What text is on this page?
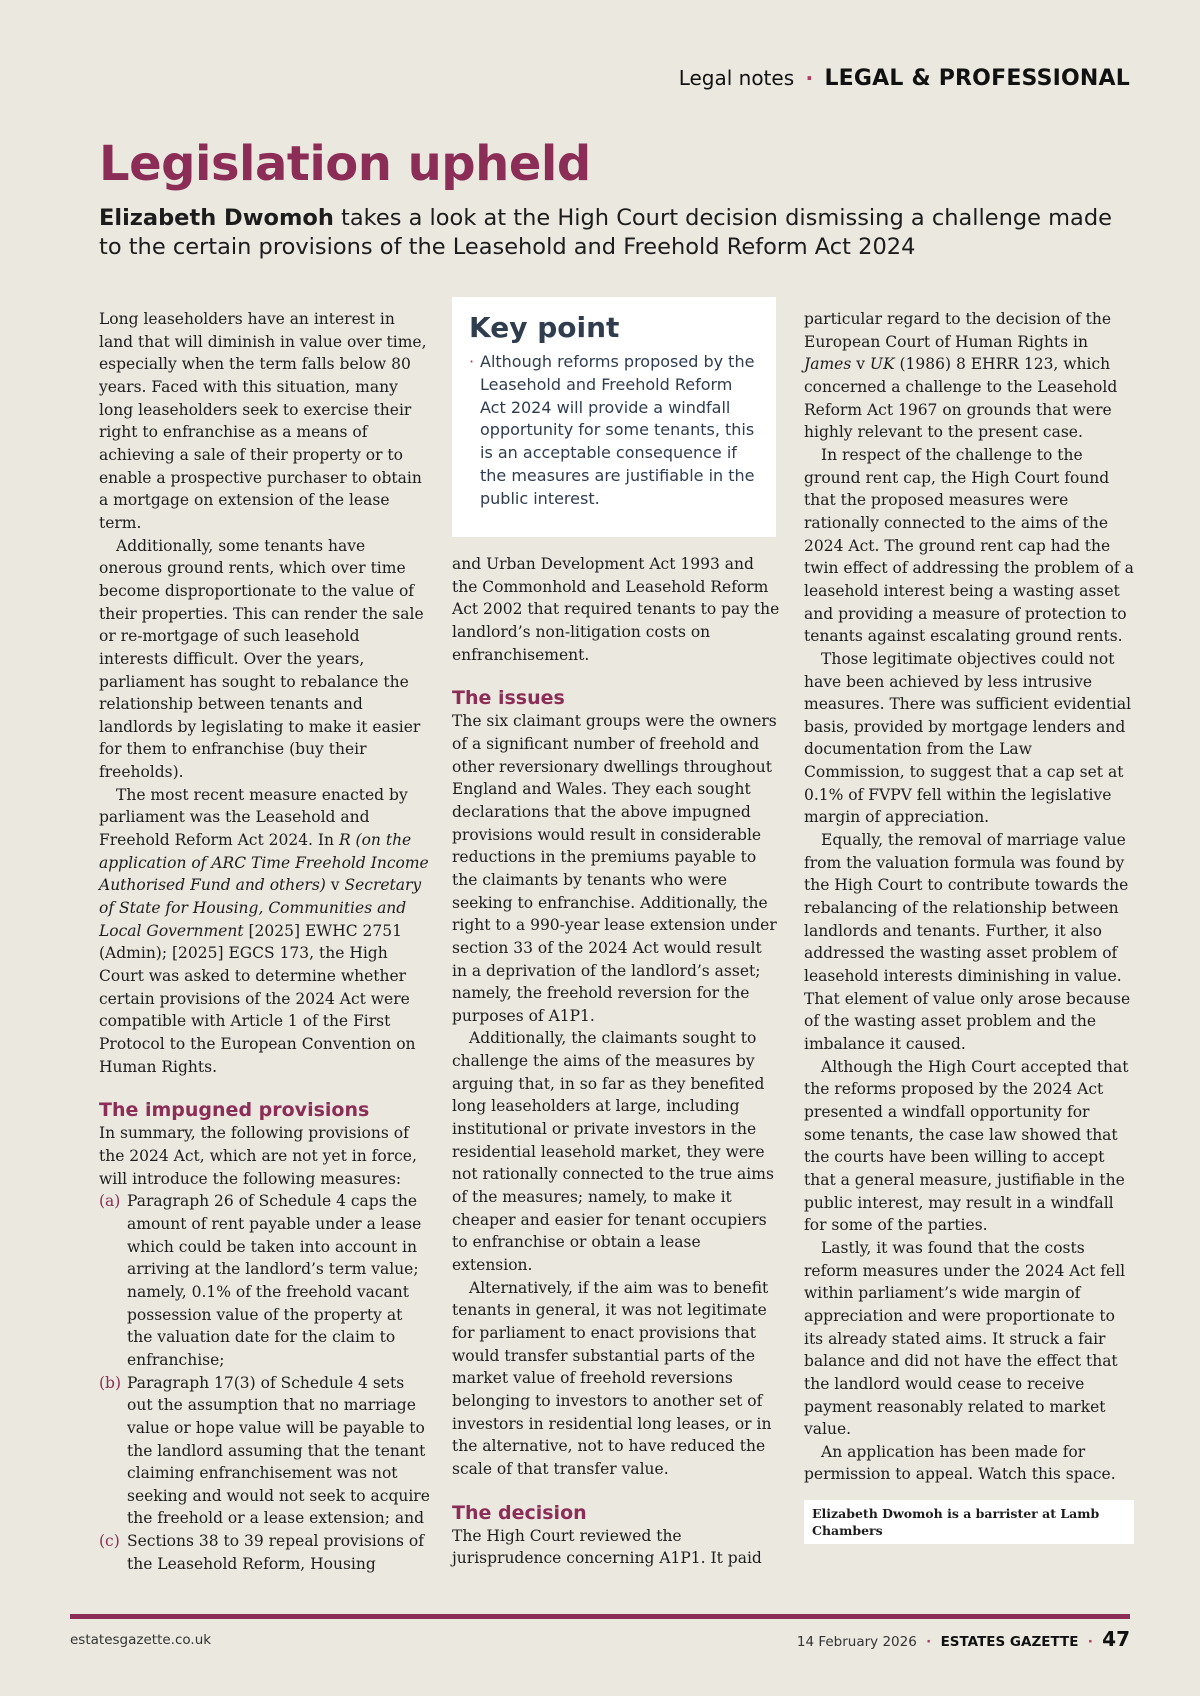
Legal notes · LEGAL & PROFESSIONAL
Legislation upheld
Elizabeth Dwomoh takes a look at the High Court decision dismissing a challenge made to the certain provisions of the Leasehold and Freehold Reform Act 2024

Long leaseholders have an interest in land that will diminish in value over time, especially when the term falls below 80 years. Faced with this situation, many long leaseholders seek to exercise their right to enfranchise as a means of achieving a sale of their property or to enable a prospective purchaser to obtain a mortgage on extension of the lease term.

Additionally, some tenants have onerous ground rents, which over time become disproportionate to the value of their properties. This can render the sale or re-mortgage of such leasehold interests difficult. Over the years, parliament has sought to rebalance the relationship between tenants and landlords by legislating to make it easier for them to enfranchise (buy their freeholds).

The most recent measure enacted by parliament was the Leasehold and Freehold Reform Act 2024. In R (on the application of ARC Time Freehold Income Authorised Fund and others) v Secretary of State for Housing, Communities and Local Government [2025] EWHC 2751 (Admin); [2025] EGCS 173, the High Court was asked to determine whether certain provisions of the 2024 Act were compatible with Article 1 of the First Protocol to the European Convention on Human Rights.

The impugned provisions

In summary, the following provisions of the 2024 Act, which are not yet in force, will introduce the following measures:

(a) Paragraph 26 of Schedule 4 caps the amount of rent payable under a lease which could be taken into account in arriving at the landlord’s term value; namely, 0.1% of the freehold vacant possession value of the property at the valuation date for the claim to enfranchise;
(b) Paragraph 17(3) of Schedule 4 sets out the assumption that no marriage value or hope value will be payable to the landlord assuming that the tenant claiming enfranchisement was not seeking and would not seek to acquire the freehold or a lease extension; and
(c) Sections 38 to 39 repeal provisions of the Leasehold Reform, Housing
Key point
· Although reforms proposed by the Leasehold and Freehold Reform Act 2024 will provide a windfall opportunity for some tenants, this is an acceptable consequence if the measures are justifiable in the public interest.

and Urban Development Act 1993 and the Commonhold and Leasehold Reform Act 2002 that required tenants to pay the landlord’s non-litigation costs on enfranchisement.

The issues

The six claimant groups were the owners of a significant number of freehold and other reversionary dwellings throughout England and Wales. They each sought declarations that the above impugned provisions would result in considerable reductions in the premiums payable to the claimants by tenants who were seeking to enfranchise. Additionally, the right to a 990-year lease extension under section 33 of the 2024 Act would result in a deprivation of the landlord’s asset; namely, the freehold reversion for the purposes of A1P1.

Additionally, the claimants sought to challenge the aims of the measures by arguing that, in so far as they benefited long leaseholders at large, including institutional or private investors in the residential leasehold market, they were not rationally connected to the true aims of the measures; namely, to make it cheaper and easier for tenant occupiers to enfranchise or obtain a lease extension.

Alternatively, if the aim was to benefit tenants in general, it was not legitimate for parliament to enact provisions that would transfer substantial parts of the market value of freehold reversions belonging to investors to another set of investors in residential long leases, or in the alternative, not to have reduced the scale of that transfer value.

The decision

The High Court reviewed the jurisprudence concerning A1P1. It paid

particular regard to the decision of the European Court of Human Rights in James v UK (1986) 8 EHRR 123, which concerned a challenge to the Leasehold Reform Act 1967 on grounds that were highly relevant to the present case.

In respect of the challenge to the ground rent cap, the High Court found that the proposed measures were rationally connected to the aims of the 2024 Act. The ground rent cap had the twin effect of addressing the problem of a leasehold interest being a wasting asset and providing a measure of protection to tenants against escalating ground rents.

Those legitimate objectives could not have been achieved by less intrusive measures. There was sufficient evidential basis, provided by mortgage lenders and documentation from the Law Commission, to suggest that a cap set at 0.1% of FVPV fell within the legislative margin of appreciation.

Equally, the removal of marriage value from the valuation formula was found by the High Court to contribute towards the rebalancing of the relationship between landlords and tenants. Further, it also addressed the wasting asset problem of leasehold interests diminishing in value. That element of value only arose because of the wasting asset problem and the imbalance it caused.

Although the High Court accepted that the reforms proposed by the 2024 Act presented a windfall opportunity for some tenants, the case law showed that the courts have been willing to accept that a general measure, justifiable in the public interest, may result in a windfall for some of the parties.

Lastly, it was found that the costs reform measures under the 2024 Act fell within parliament’s wide margin of appreciation and were proportionate to its already stated aims. It struck a fair balance and did not have the effect that the landlord would cease to receive payment reasonably related to market value.

An application has been made for permission to appeal. Watch this space.

Elizabeth Dwomoh is a barrister at Lamb Chambers
estatesgazette.co.uk	14 February 2026 · ESTATES GAZETTE · 47
